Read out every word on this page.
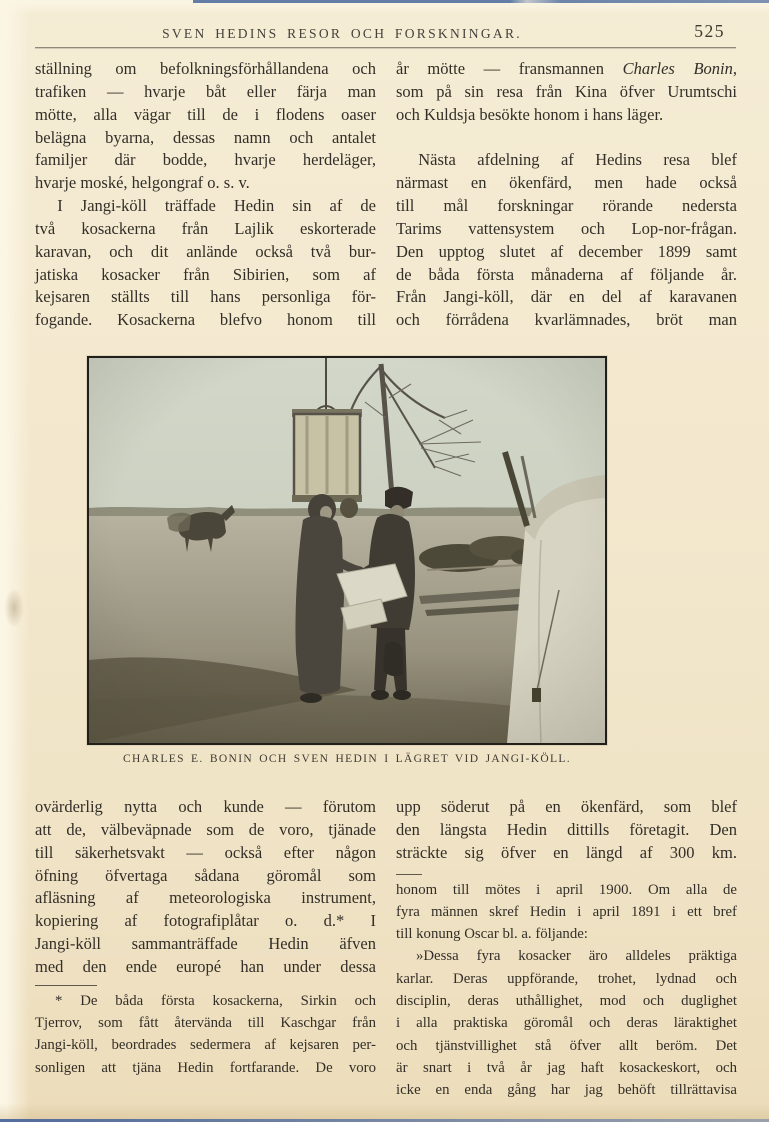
SVEN HEDINS RESOR OCH FORSKNINGAR.	525
ställning om befolkningsförhållandena och
trafiken — hvarje båt eller färja man
mötte, alla vägar till de i flodens oaser
belägna byarna, dessas namn och antalet
familjer där bodde, hvarje herdeläger,
hvarje moské, helgongraf o. s. v.
I Jangi-köll träffade Hedin sin af de
två kosackerna från Lajlik eskorterade
karavan, och dit anlände också två bur-
jatiska kosacker från Sibirien, som af
kejsaren ställts till hans personliga för-
fogande. Kosackerna blefvo honom till
år mötte — fransmannen Charles Bonin,
som på sin resa från Kina öfver Urumtschi
och Kuldsja besökte honom i hans läger.
Nästa afdelning af Hedins resa blef
närmast en ökenfärd, men hade också
till mål forskningar rörande nedersta
Tarims vattensystem och Lop-nor-frågan.
Den upptog slutet af december 1899 samt
de båda första månaderna af följande år.
Från Jangi-köll, där en del af karavanen
och förrådena kvarlämnades, bröt man
CHARLES E. BONIN OCH SVEN HEDIN I LÄGRET VID JANGI-KÖLL.
ovärderlig nytta och kunde — förutom
att de, välbeväpnade som de voro, tjänade
till säkerhetsvakt — också efter någon
öfning öfvertaga sådana göromål som
afläsning af meteorologiska instrument,
kopiering af fotografiplåtar o. d.* I
Jangi-köll sammanträffade Hedin äfven
med den ende europé han under dessa
* De båda första kosackerna, Sirkin och
Tjerrov, som fått återvända till Kaschgar från
Jangi-köll, beordrades sedermera af kejsaren per-
sonligen att tjäna Hedin fortfarande. De voro
upp söderut på en ökenfärd, som blef
den längsta Hedin dittills företagit. Den
sträckte sig öfver en längd af 300 km.
honom till mötes i april 1900. Om alla de
fyra männen skref Hedin i april 1891 i ett bref
till konung Oscar bl. a. följande:
»Dessa fyra kosacker äro alldeles präktiga
karlar. Deras uppförande, trohet, lydnad och
disciplin, deras uthållighet, mod och duglighet
i alla praktiska göromål och deras läraktighet
och tjänstvillighet stå öfver allt beröm. Det
är snart i två år jag haft kosackeskort, och
icke en enda gång har jag behöft tillrättavisa
